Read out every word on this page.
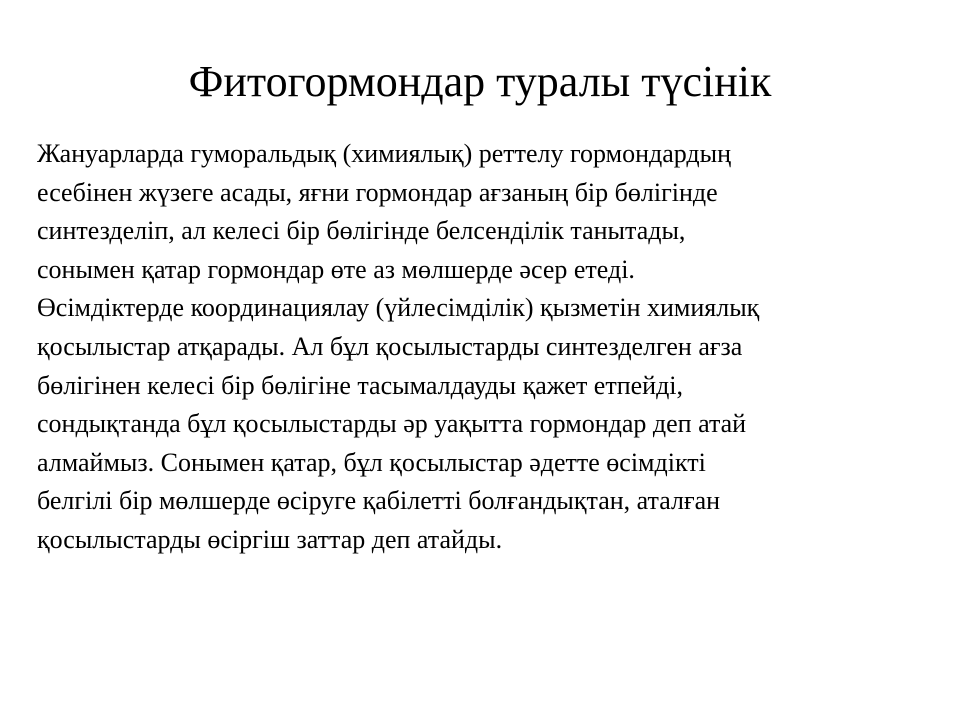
Фитогормондар туралы түсінік
Жануарларда гуморальдық (химиялық) реттелу гормондардың
есебінен жүзеге асады, яғни гормондар ағзаның бір бөлігінде
синтезделіп, ал келесі бір бөлігінде белсенділік танытады,
сонымен қатар гормондар өте аз мөлшерде әсер етеді.
Өсімдіктерде координациялау (үйлесімділік) қызметін химиялық
қосылыстар атқарады. Ал бұл қосылыстарды синтезделген ағза
бөлігінен келесі бір бөлігіне тасымалдауды қажет етпейді,
сондықтанда бұл қосылыстарды әр уақытта гормондар деп атай
алмаймыз. Сонымен қатар, бұл қосылыстар әдетте өсімдікті
белгілі бір мөлшерде өсіруге қабілетті болғандықтан, аталған
қосылыстарды өсіргіш заттар деп атайды.
